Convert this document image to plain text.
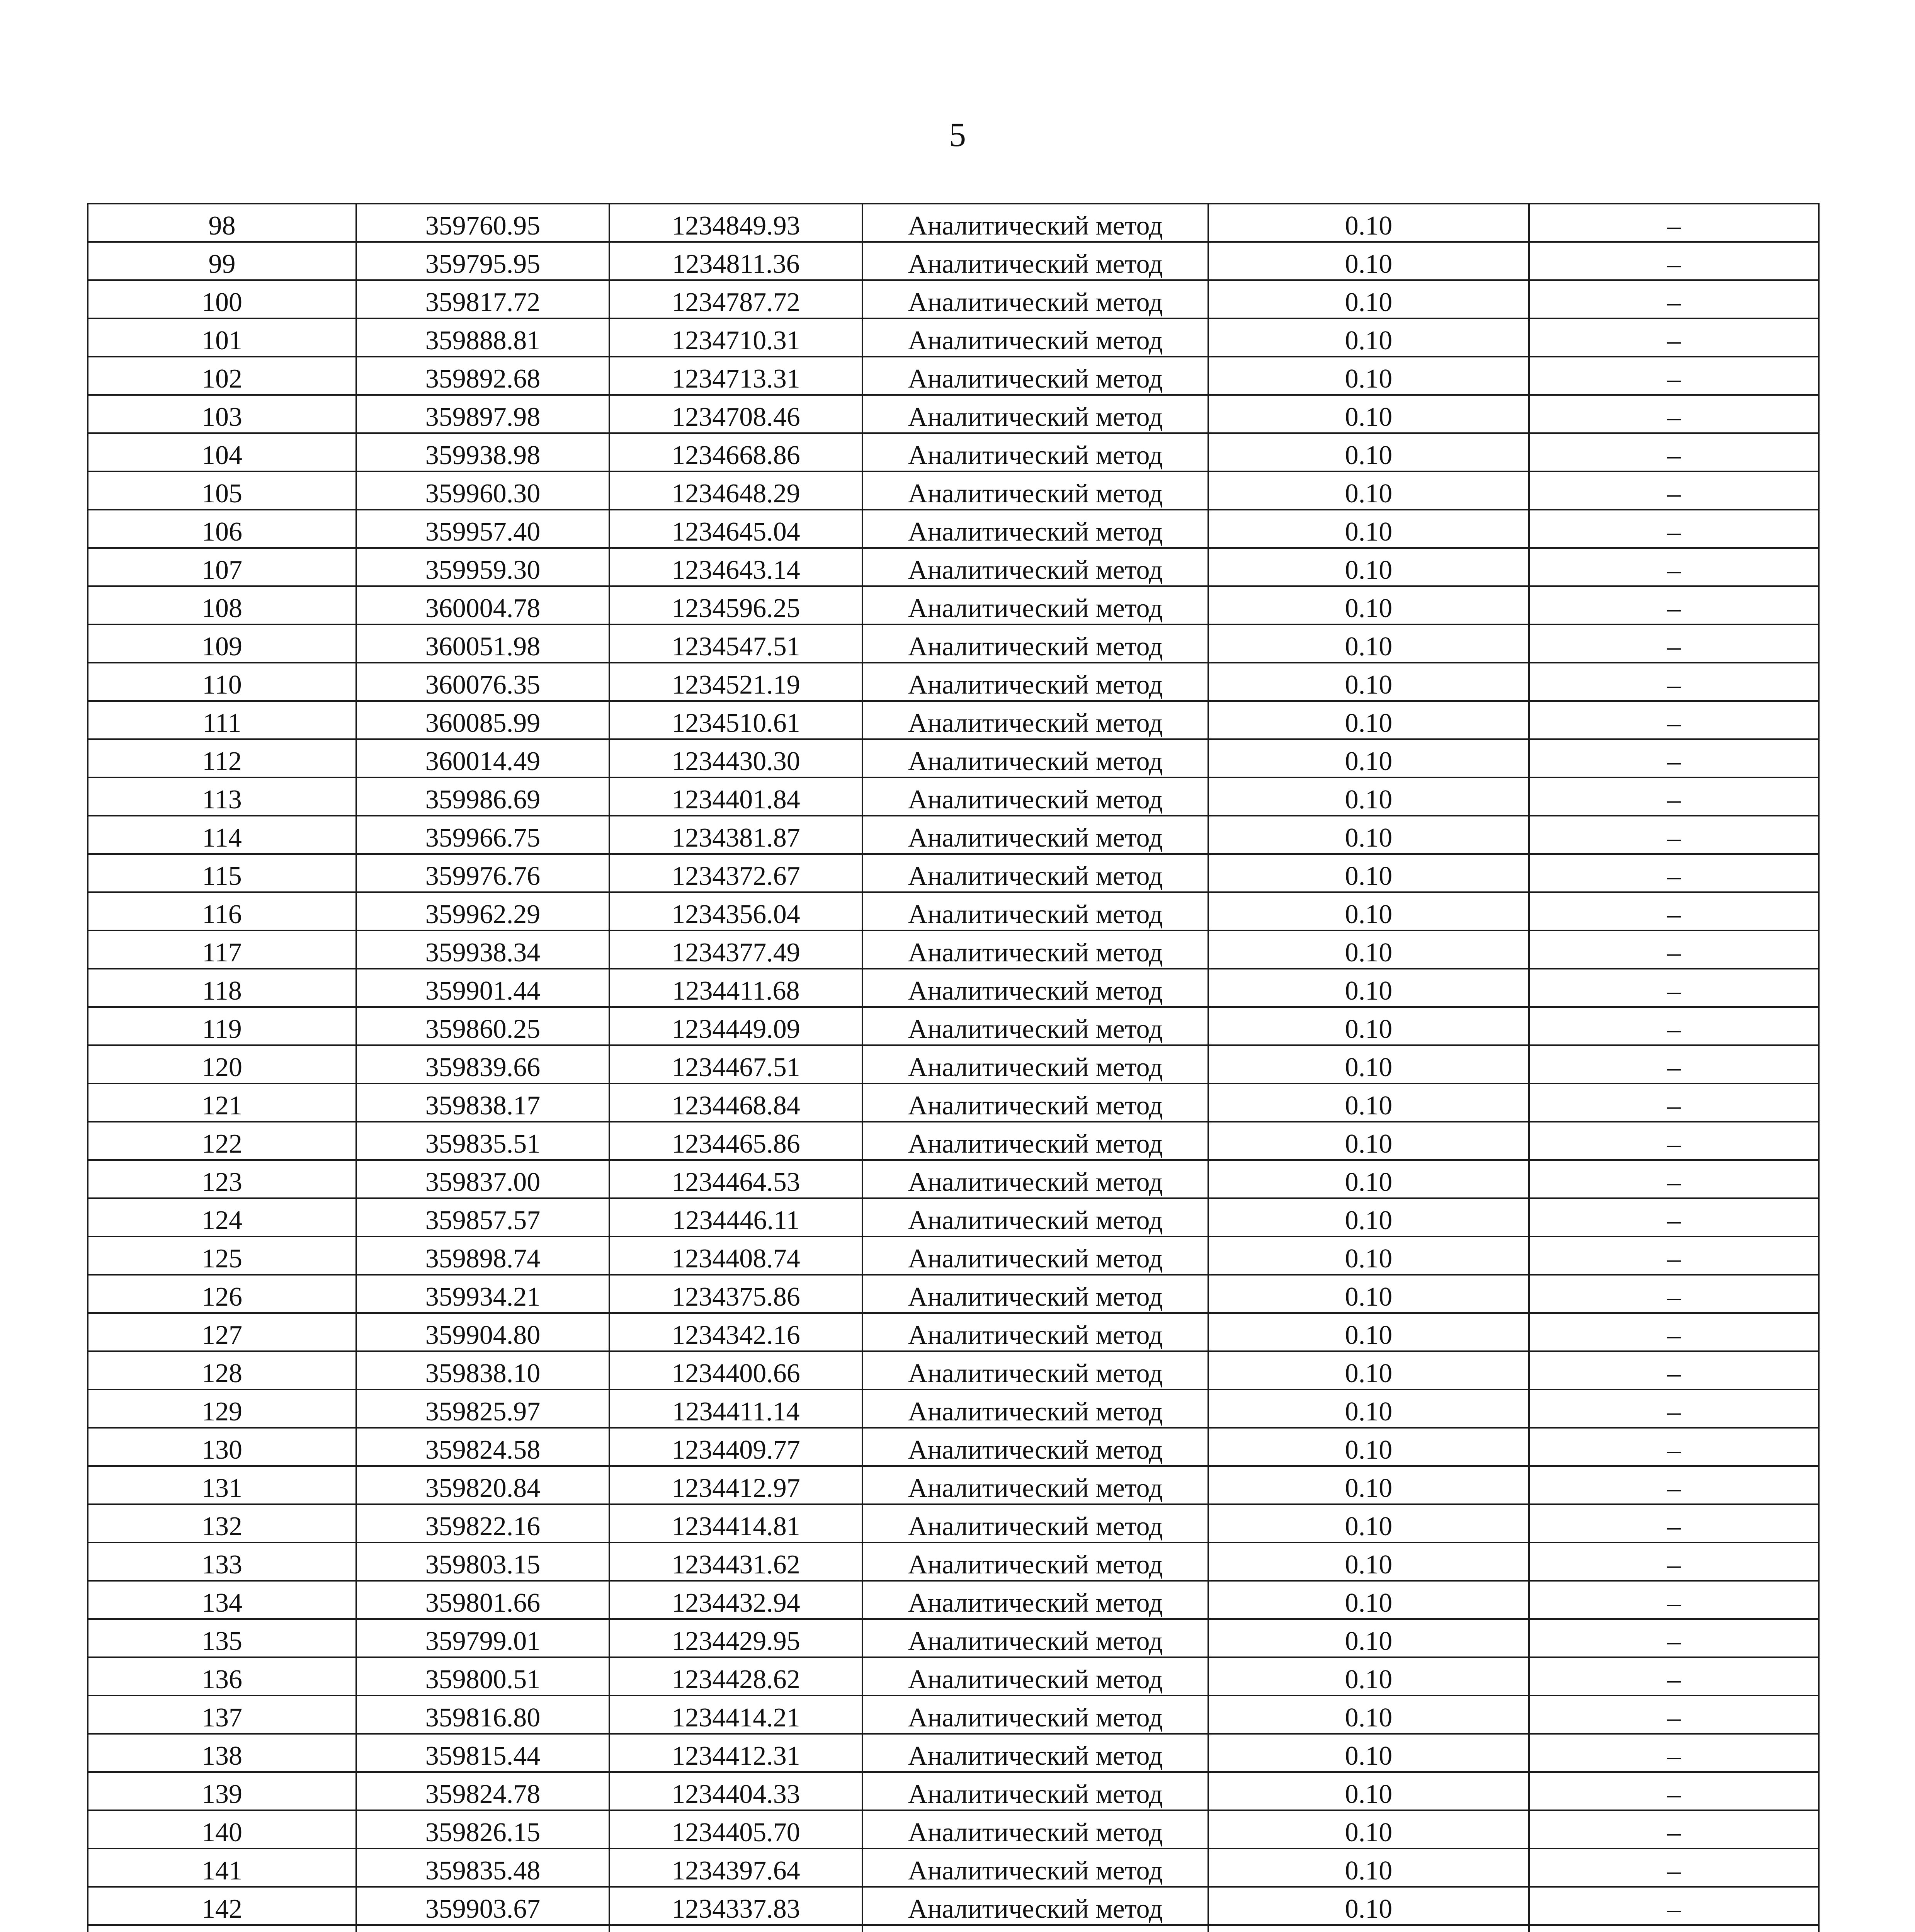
5
98	359760.95	1234849.93	Аналитический метод	0.10	–
99	359795.95	1234811.36	Аналитический метод	0.10	–
100	359817.72	1234787.72	Аналитический метод	0.10	–
101	359888.81	1234710.31	Аналитический метод	0.10	–
102	359892.68	1234713.31	Аналитический метод	0.10	–
103	359897.98	1234708.46	Аналитический метод	0.10	–
104	359938.98	1234668.86	Аналитический метод	0.10	–
105	359960.30	1234648.29	Аналитический метод	0.10	–
106	359957.40	1234645.04	Аналитический метод	0.10	–
107	359959.30	1234643.14	Аналитический метод	0.10	–
108	360004.78	1234596.25	Аналитический метод	0.10	–
109	360051.98	1234547.51	Аналитический метод	0.10	–
110	360076.35	1234521.19	Аналитический метод	0.10	–
111	360085.99	1234510.61	Аналитический метод	0.10	–
112	360014.49	1234430.30	Аналитический метод	0.10	–
113	359986.69	1234401.84	Аналитический метод	0.10	–
114	359966.75	1234381.87	Аналитический метод	0.10	–
115	359976.76	1234372.67	Аналитический метод	0.10	–
116	359962.29	1234356.04	Аналитический метод	0.10	–
117	359938.34	1234377.49	Аналитический метод	0.10	–
118	359901.44	1234411.68	Аналитический метод	0.10	–
119	359860.25	1234449.09	Аналитический метод	0.10	–
120	359839.66	1234467.51	Аналитический метод	0.10	–
121	359838.17	1234468.84	Аналитический метод	0.10	–
122	359835.51	1234465.86	Аналитический метод	0.10	–
123	359837.00	1234464.53	Аналитический метод	0.10	–
124	359857.57	1234446.11	Аналитический метод	0.10	–
125	359898.74	1234408.74	Аналитический метод	0.10	–
126	359934.21	1234375.86	Аналитический метод	0.10	–
127	359904.80	1234342.16	Аналитический метод	0.10	–
128	359838.10	1234400.66	Аналитический метод	0.10	–
129	359825.97	1234411.14	Аналитический метод	0.10	–
130	359824.58	1234409.77	Аналитический метод	0.10	–
131	359820.84	1234412.97	Аналитический метод	0.10	–
132	359822.16	1234414.81	Аналитический метод	0.10	–
133	359803.15	1234431.62	Аналитический метод	0.10	–
134	359801.66	1234432.94	Аналитический метод	0.10	–
135	359799.01	1234429.95	Аналитический метод	0.10	–
136	359800.51	1234428.62	Аналитический метод	0.10	–
137	359816.80	1234414.21	Аналитический метод	0.10	–
138	359815.44	1234412.31	Аналитический метод	0.10	–
139	359824.78	1234404.33	Аналитический метод	0.10	–
140	359826.15	1234405.70	Аналитический метод	0.10	–
141	359835.48	1234397.64	Аналитический метод	0.10	–
142	359903.67	1234337.83	Аналитический метод	0.10	–
